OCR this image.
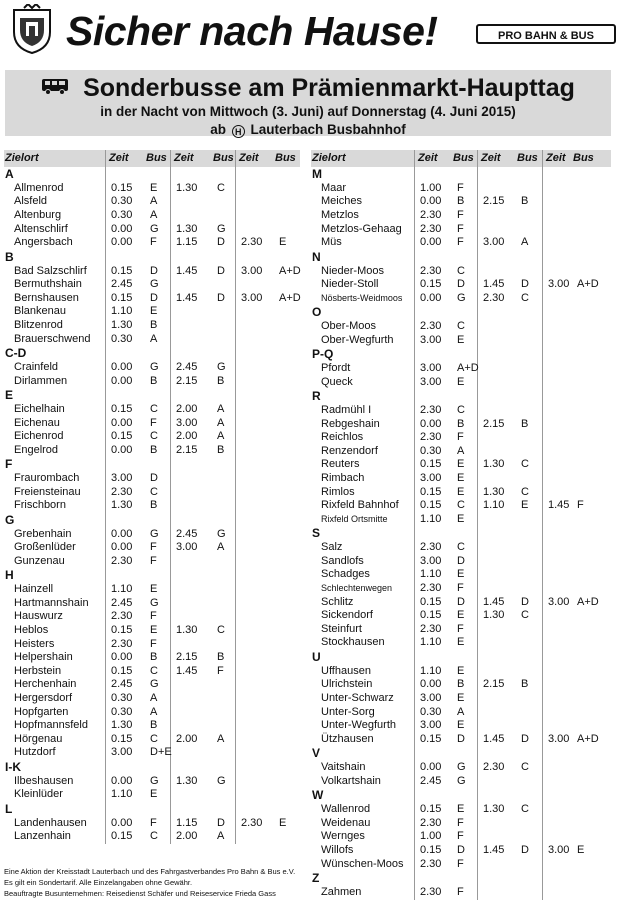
Sicher nach Hause!	PRO BAHN & BUS
Sonderbusse am Prämienmarkt-Haupttag
in der Nacht von Mittwoch (3. Juni) auf Donnerstag (4. Juni 2015)
ab H Lauterbach Busbahnhof
Zielort	Zeit Bus Zeit Bus Zeit Bus
A
Allmenrod	0.15 E 1.30 C
Alsfeld	0.30 A
Altenburg	0.30 A
Altenschlirf	0.00 G 1.30 G
Angersbach	0.00 F 1.15 D 2.30 E
B
Bad Salzschlirf 0.15 D 1.45 D 3.00 A+D
Bermuthshain	2.45 G
Bernshausen	0.15 D 1.45 D 3.00 A+D
Blankenau	1.10 E
Blitzenrod	1.30 B
Brauerschwend 0.30 A
C-D
Crainfeld	0.00 G 2.45 G
Dirlammen	0.00 B 2.15 B
E
Eichelhain	0.15 C 2.00 A
Eichenau	0.00 F 3.00 A
Eichenrod	0.15 C 2.00 A
Engelrod	0.00 B 2.15 B
F
Fraurombach	3.00 D
Freiensteinau	2.30 C
Frischborn	1.30 B
G
Grebenhain	0.00 G 2.45 G
Großenlüder	0.00 F 3.00 A
Gunzenau	2.30 F
H
Hainzell	1.10 E
Hartmannshain 2.45 G
Hauswurz	2.30 F
Heblos	0.15 E 1.30 C
Heisters	2.30 F
Helpershain	0.00 B 2.15 B
Herbstein	0.15 C 1.45 F
Herchenhain	2.45 G
Hergersdorf	0.30 A
Hopfgarten	0.30 A
Hopfmannsfeld 1.30 B
Hörgenau	0.15 C 2.00 A
Hutzdorf	3.00 D+E
I-K
Ilbeshausen	0.00 G 1.30 G
Kleinlüder	1.10 E
L
Landenhausen 0.00 F 1.15 D 2.30 E
Lanzenhain	0.15 C 2.00 A
Zielort	Zeit Bus Zeit Bus Zeit Bus
M
Maar	1.00 F
Meiches	0.00 B 2.15 B
Metzlos	2.30 F
Metzlos-Gehaag 2.30 F
Müs	0.00 F 3.00 A
N
Nieder-Moos	2.30 C
Nieder-Stoll	0.15 D 1.45 D 3.00 A+D
Nösberts-Weidmoos 0.00 G 2.30 C
O
Ober-Moos	2.30 C
Ober-Wegfurth 3.00 E
P-Q
Pfordt	3.00 A+D
Queck	3.00 E
R
Radmühl I	2.30 C
Rebgeshain	0.00 B 2.15 B
Reichlos	2.30 F
Renzendorf	0.30 A
Reuters	0.15 E 1.30 C
Rimbach	3.00 E
Rimlos	0.15 E 1.30 C
Rixfeld Bahnhof 0.15 C 1.10 E 1.45 F
Rixfeld Ortsmitte	1.10 E
S
Salz	2.30 C
Sandlofs	3.00 D
Schadges	1.10 E
Schlechtenwegen	2.30 F
Schlitz	0.15 D 1.45 D 3.00 A+D
Sickendorf	0.15 E 1.30 C
Steinfurt	2.30 F
Stockhausen	1.10 E
U
Uffhausen	1.10 E
Ulrichstein	0.00 B 2.15 B
Unter-Schwarz 3.00 E
Unter-Sorg	0.30 A
Unter-Wegfurth 3.00 E
Ützhausen	0.15 D 1.45 D 3.00 A+D
V
Vaitshain	0.00 G 2.30 C
Volkartshain	2.45 G
W
Wallenrod	0.15 E 1.30 C
Weidenau	2.30 F
Wernges	1.00 F
Willofs	0.15 D 1.45 D 3.00 E
Wünschen-Moos 2.30 F
Z
Zahmen	2.30 F
Eine Aktion der Kreisstadt Lauterbach und des Fahrgastverbandes Pro Bahn & Bus e.V.
Es gilt ein Sondertarif. Alle Einzelangaben ohne Gewähr.
Beauftragte Busunternehmen: Reisedienst Schäfer und Reiseservice Frieda Gass
